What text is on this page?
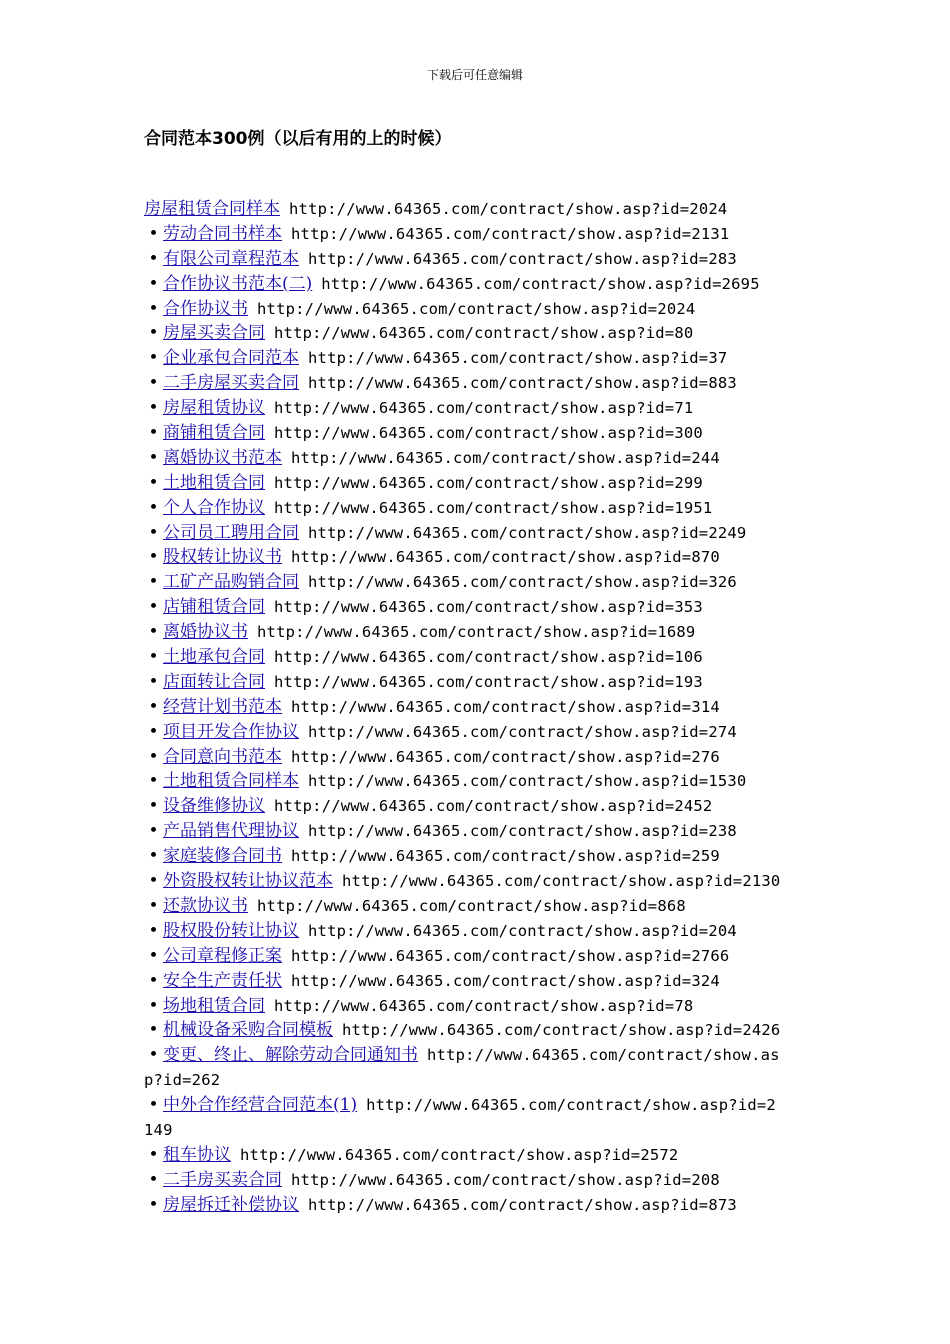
下载后可任意编辑
合同范本300例（以后有用的上的时候）
房屋租赁合同样本 http://www.64365.com/contract/show.asp?id=2024
• 劳动合同书样本 http://www.64365.com/contract/show.asp?id=2131
• 有限公司章程范本 http://www.64365.com/contract/show.asp?id=283
• 合作协议书范本(二) http://www.64365.com/contract/show.asp?id=2695
• 合作协议书 http://www.64365.com/contract/show.asp?id=2024
• 房屋买卖合同 http://www.64365.com/contract/show.asp?id=80
• 企业承包合同范本 http://www.64365.com/contract/show.asp?id=37
• 二手房屋买卖合同 http://www.64365.com/contract/show.asp?id=883
• 房屋租赁协议 http://www.64365.com/contract/show.asp?id=71
• 商铺租赁合同 http://www.64365.com/contract/show.asp?id=300
• 离婚协议书范本 http://www.64365.com/contract/show.asp?id=244
• 土地租赁合同 http://www.64365.com/contract/show.asp?id=299
• 个人合作协议 http://www.64365.com/contract/show.asp?id=1951
• 公司员工聘用合同 http://www.64365.com/contract/show.asp?id=2249
• 股权转让协议书 http://www.64365.com/contract/show.asp?id=870
• 工矿产品购销合同 http://www.64365.com/contract/show.asp?id=326
• 店铺租赁合同 http://www.64365.com/contract/show.asp?id=353
• 离婚协议书 http://www.64365.com/contract/show.asp?id=1689
• 土地承包合同 http://www.64365.com/contract/show.asp?id=106
• 店面转让合同 http://www.64365.com/contract/show.asp?id=193
• 经营计划书范本 http://www.64365.com/contract/show.asp?id=314
• 项目开发合作协议 http://www.64365.com/contract/show.asp?id=274
• 合同意向书范本 http://www.64365.com/contract/show.asp?id=276
• 土地租赁合同样本 http://www.64365.com/contract/show.asp?id=1530
• 设备维修协议 http://www.64365.com/contract/show.asp?id=2452
• 产品销售代理协议 http://www.64365.com/contract/show.asp?id=238
• 家庭装修合同书 http://www.64365.com/contract/show.asp?id=259
• 外资股权转让协议范本 http://www.64365.com/contract/show.asp?id=2130
• 还款协议书 http://www.64365.com/contract/show.asp?id=868
• 股权股份转让协议 http://www.64365.com/contract/show.asp?id=204
• 公司章程修正案 http://www.64365.com/contract/show.asp?id=2766
• 安全生产责任状 http://www.64365.com/contract/show.asp?id=324
• 场地租赁合同 http://www.64365.com/contract/show.asp?id=78
• 机械设备采购合同模板 http://www.64365.com/contract/show.asp?id=2426
• 变更、终止、解除劳动合同通知书 http://www.64365.com/contract/show.asp?id=262
• 中外合作经营合同范本(1) http://www.64365.com/contract/show.asp?id=2149
• 租车协议 http://www.64365.com/contract/show.asp?id=2572
• 二手房买卖合同 http://www.64365.com/contract/show.asp?id=208
• 房屋拆迁补偿协议 http://www.64365.com/contract/show.asp?id=873
